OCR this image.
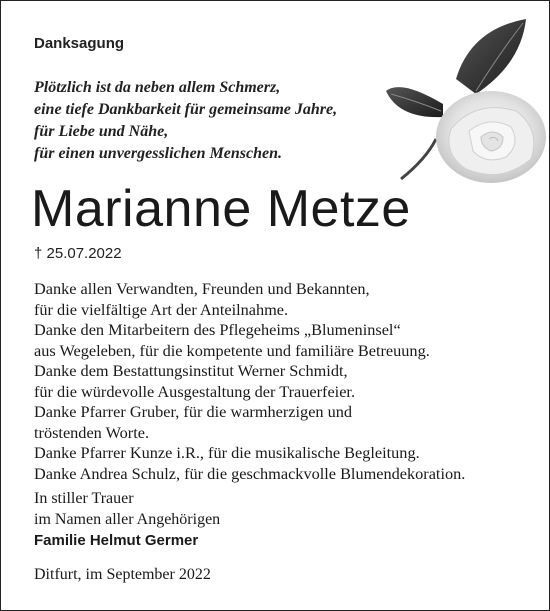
Danksagung
Plötzlich ist da neben allem Schmerz,
eine tiefe Dankbarkeit für gemeinsame Jahre,
für Liebe und Nähe,
für einen unvergesslichen Menschen.
Marianne Metze
† 25.07.2022
Danke allen Verwandten, Freunden und Bekannten,
für die vielfältige Art der Anteilnahme.
Danke den Mitarbeitern des Pflegeheims „Blumeninsel“
aus Wegeleben, für die kompetente und familiäre Betreuung.
Danke dem Bestattungsinstitut Werner Schmidt,
für die würdevolle Ausgestaltung der Trauerfeier.
Danke Pfarrer Gruber, für die warmherzigen und
tröstenden Worte.
Danke Pfarrer Kunze i.R., für die musikalische Begleitung.
Danke Andrea Schulz, für die geschmackvolle Blumendekoration.
In stiller Trauer
im Namen aller Angehörigen
Familie Helmut Germer
Ditfurt, im September 2022
